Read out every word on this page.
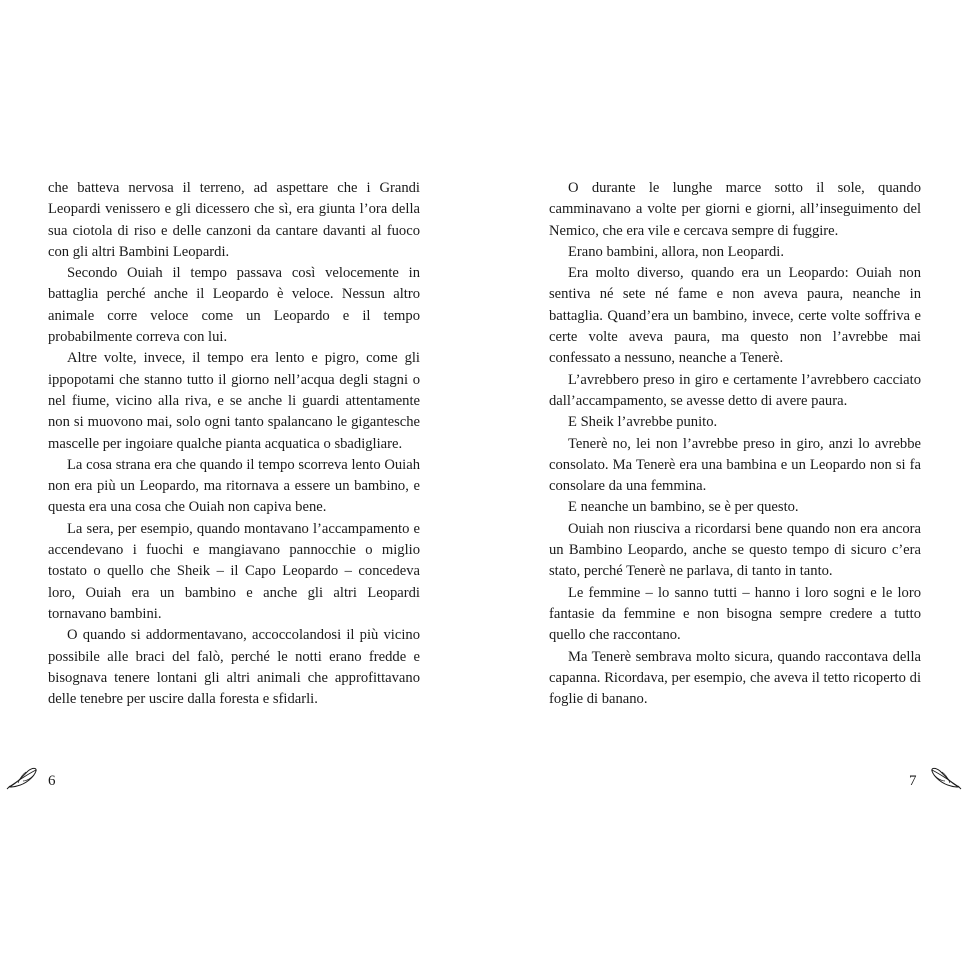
che batteva nervosa il terreno, ad aspettare che i Grandi Leopardi venissero e gli dicessero che sì, era giunta l’ora della sua ciotola di riso e delle canzoni da cantare davanti al fuoco con gli altri Bambini Leopardi.

Secondo Ouiah il tempo passava così velocemente in battaglia perché anche il Leopardo è veloce. Nessun altro animale corre veloce come un Leopardo e il tempo probabilmente correva con lui.

Altre volte, invece, il tempo era lento e pigro, come gli ippopotami che stanno tutto il giorno nell’acqua degli stagni o nel fiume, vicino alla riva, e se anche li guardi attentamente non si muovono mai, solo ogni tanto spalancano le gigantesche mascelle per ingoiare qualche pianta acquatica o sbadigliare.

La cosa strana era che quando il tempo scorreva lento Ouiah non era più un Leopardo, ma ritornava a essere un bambino, e questa era una cosa che Ouiah non capiva bene.

La sera, per esempio, quando montavano l’accampamento e accendevano i fuochi e mangiavano pannocchie o miglio tostato o quello che Sheik – il Capo Leopardo – concedeva loro, Ouiah era un bambino e anche gli altri Leopardi tornavano bambini.

O quando si addormentavano, accoccolandosi il più vicino possibile alle braci del falò, perché le notti erano fredde e bisognava tenere lontani gli altri animali che approfittavano delle tenebre per uscire dalla foresta e sfidarli.

O durante le lunghe marce sotto il sole, quando camminavano a volte per giorni e giorni, all’inseguimento del Nemico, che era vile e cercava sempre di fuggire.

Erano bambini, allora, non Leopardi.

Era molto diverso, quando era un Leopardo: Ouiah non sentiva né sete né fame e non aveva paura, neanche in battaglia. Quand’era un bambino, invece, certe volte soffriva e certe volte aveva paura, ma questo non l’avrebbe mai confessato a nessuno, neanche a Tenerè.

L’avrebbero preso in giro e certamente l’avrebbero cacciato dall’accampamento, se avesse detto di avere paura.

E Sheik l’avrebbe punito.

Tenerè no, lei non l’avrebbe preso in giro, anzi lo avrebbe consolato. Ma Tenerè era una bambina e un Leopardo non si fa consolare da una femmina.

E neanche un bambino, se è per questo.

Ouiah non riusciva a ricordarsi bene quando non era ancora un Bambino Leopardo, anche se questo tempo di sicuro c’era stato, perché Tenerè ne parlava, di tanto in tanto.

Le femmine – lo sanno tutti – hanno i loro sogni e le loro fantasie da femmine e non bisogna sempre credere a tutto quello che raccontano.

Ma Tenerè sembrava molto sicura, quando raccontava della capanna. Ricordava, per esempio, che aveva il tetto ricoperto di foglie di banano.

6	7
